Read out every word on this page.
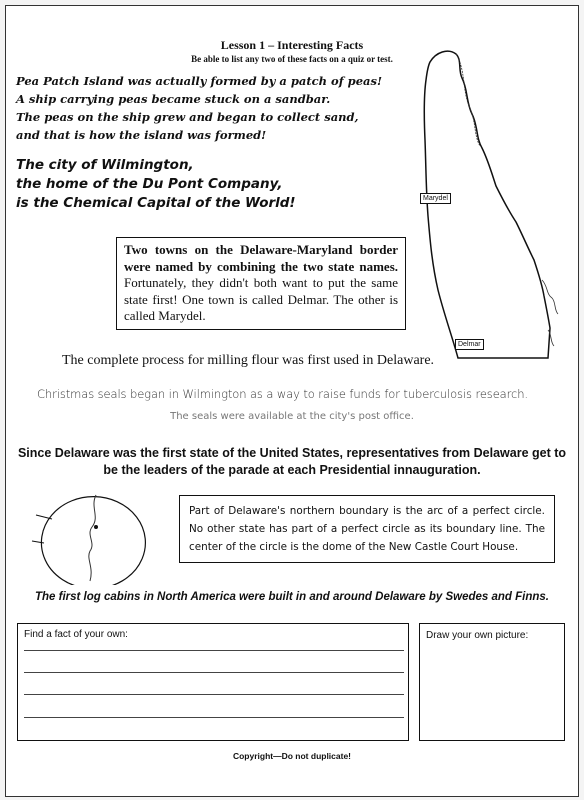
Lesson 1 – Interesting Facts
Be able to list any two of these facts on a quiz or test.
Marydel
Delmar
Pea Patch Island was actually formed by a patch of peas!
A ship carrying peas became stuck on a sandbar.
The peas on the ship grew and began to collect sand,
and that is how the island was formed!
The city of Wilmington,
the home of the Du Pont Company,
is the Chemical Capital of the World!
Two towns on the Delaware-Maryland border were named by combining the two state names. Fortunately, they didn't both want to put the same state first! One town is called Delmar. The other is called Marydel.
The complete process for milling flour was first used in Delaware.
Christmas seals began in Wilmington as a way to raise funds for tuberculosis research.
The seals were available at the city's post office.
Since Delaware was the first state of the United States, representatives from Delaware get to be the leaders of the parade at each Presidential innauguration.
Part of Delaware's northern boundary is the arc of a perfect circle. No other state has part of a perfect circle as its boundary line. The center of the circle is the dome of the New Castle Court House.
The first log cabins in North America were built in and around Delaware by Swedes and Finns.
Find a fact of your own:	Draw your own picture:
Copyright—Do not duplicate!
